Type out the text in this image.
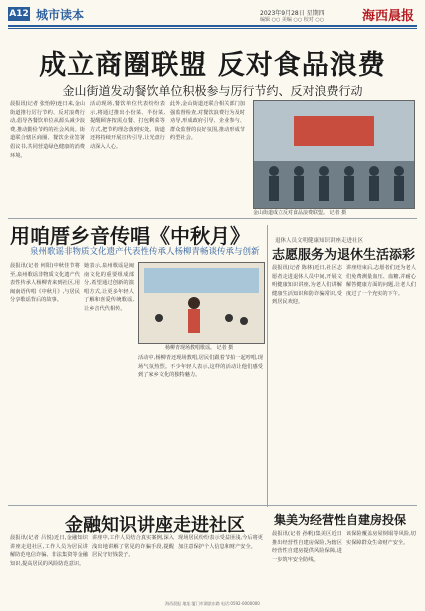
A12 城市读本	2023年9月28日 星期四
编辑 ○○ 美编 ○○ 校对 ○○	海西晨报
成立商圈联盟 反对食品浪费
金山街道发动餐饮单位积极参与厉行节约、反对浪费行动
晨报讯(记者 张怡婷)连日来,金山街道推行厉行节约、反对浪费行动,倡导各餐饮单位从源头减少浪费,推动勤俭节约的社会风尚。街道联合辖区商圈、餐饮企业签署倡议书,共同营造绿色健康的消费环境。
活动现场,餐饮单位代表纷纷表示,将通过推出小份菜、半份菜,提醒顾客按需点餐、打包剩菜等方式,把节约理念落到实处。街道还将持续开展宣传引导,让光盘行动深入人心。
此外,金山街道还联合相关部门加强监督检查,对餐饮浪费行为及时劝导,形成政府引导、企业参与、群众监督的良好氛围,推动形成节约型社会。
金山街道成立反对食品浪费联盟。 记者 摄
用咱厝乡音传唱《中秋月》
泉州歌谣非物质文化遗产代表性传承人杨柳青畅谈传承与创新
晨报讯(记者 何阳)中秋佳节将至,泉州歌谣非物质文化遗产代表性传承人杨柳青来到社区,用闽南语传唱《中秋月》,与居民分享歌谣背后的故事。
她表示,泉州歌谣是闽南文化的重要组成部分,希望通过创新的演唱方式,让更多年轻人了解和喜爱传统歌谣,让乡音代代相传。
杨柳青现场教唱歌谣。 记者 摄
活动中,杨柳青还现场教唱,居民们跟着节拍一起哼唱,现场气氛热烈。不少年轻人表示,这样的活动让他们感受到了家乡文化的独特魅力。
退休人员文明健康知识讲座走进社区
志愿服务为退休生活添彩
晨报讯(记者 陈林)近日,社区志愿者走进退休人员中间,开展文明健康知识讲座,为老人们讲解健康生活知识和防诈骗常识,受到居民欢迎。
讲座结束后,志愿者们还为老人们免费测量血压、血糖,并耐心解答健康方面的问题,让老人们度过了一个充实的下午。
金融知识讲座走进社区
晨报讯(记者 吕悦)近日,金融知识讲座走进社区,工作人员为居民讲解防范电信诈骗、非法集资等金融知识,提高居民的风险防范意识。
讲座中,工作人员结合真实案例,深入浅出地讲解了常见的诈骗手段,提醒居民守好钱袋子。
现场居民纷纷表示受益匪浅,今后将更加注意保护个人信息和财产安全。
集美为经营性自建房投保
晨报讯(记者 孙帆)集美区近日推出经营性自建房保险,为辖区经营性自建房提供风险保障,进一步筑牢安全防线。
该保险覆盖房屋倒塌等风险,切实保障群众生命财产安全。
海西晨报 地址:厦门市湖滨东路 电话:0592-0000000
